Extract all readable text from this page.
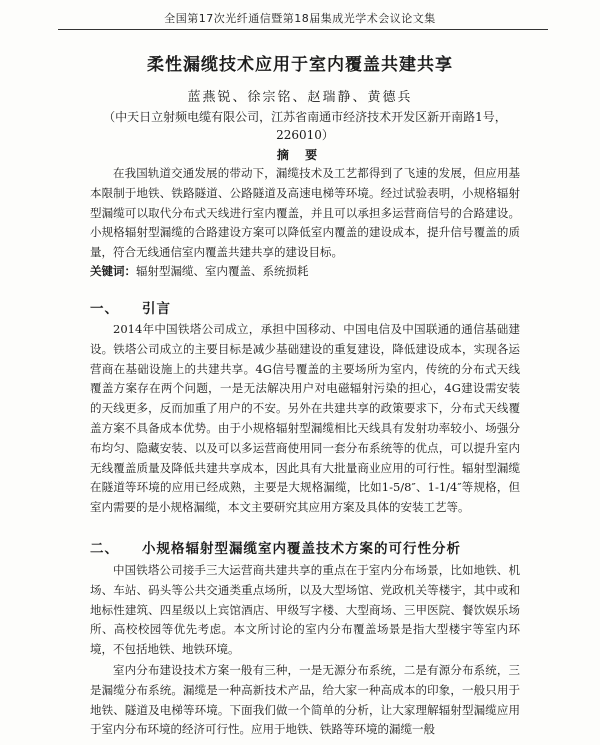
全国第17次光纤通信暨第18届集成光学术会议论文集
柔性漏缆技术应用于室内覆盖共建共享
蓝燕锐、徐宗铭、赵瑞静、黄德兵
（中天日立射频电缆有限公司，江苏省南通市经济技术开发区新开南路1号，226010）
摘 要

在我国轨道交通发展的带动下，漏缆技术及工艺都得到了飞速的发展，但应用基本限制于地铁、铁路隧道、公路隧道及高速电梯等环境。经过试验表明，小规格辐射型漏缆可以取代分布式天线进行室内覆盖，并且可以承担多运营商信号的合路建设。小规格辐射型漏缆的合路建设方案可以降低室内覆盖的建设成本，提升信号覆盖的质量，符合无线通信室内覆盖共建共享的建设目标。

关键词：辐射型漏缆、室内覆盖、系统损耗
一、 引言

2014年中国铁塔公司成立，承担中国移动、中国电信及中国联通的通信基础建设。铁塔公司成立的主要目标是减少基础建设的重复建设，降低建设成本，实现各运营商在基础设施上的共建共享。4G信号覆盖的主要场所为室内，传统的分布式天线覆盖方案存在两个问题，一是无法解决用户对电磁辐射污染的担心，4G建设需安装的天线更多，反而加重了用户的不安。另外在共建共享的政策要求下，分布式天线覆盖方案不具备成本优势。由于小规格辐射型漏缆相比天线具有发射功率较小、场强分布均匀、隐藏安装、以及可以多运营商使用同一套分布系统等的优点，可以提升室内无线覆盖质量及降低共建共享成本，因此具有大批量商业应用的可行性。辐射型漏缆在隧道等环境的应用已经成熟，主要是大规格漏缆，比如1-5/8″、1-1/4″等规格，但室内需要的是小规格漏缆，本文主要研究其应用方案及具体的安装工艺等。

二、 小规格辐射型漏缆室内覆盖技术方案的可行性分析

中国铁塔公司接手三大运营商共建共享的重点在于室内分布场景，比如地铁、机场、车站、码头等公共交通类重点场所，以及大型场馆、党政机关等楼宇，其中或和地标性建筑、四星级以上宾馆酒店、甲级写字楼、大型商场、三甲医院、餐饮娱乐场所、高校校园等优先考虑。本文所讨论的室内分布覆盖场景是指大型楼宇等室内环境，不包括地铁、地铁环境。

室内分布建设技术方案一般有三种，一是无源分布系统，二是有源分布系统，三是漏缆分布系统。漏缆是一种高新技术产品，给大家一种高成本的印象，一般只用于地铁、隧道及电梯等环境。下面我们做一个简单的分析，让大家理解辐射型漏缆应用于室内分布环境的经济可行性。应用于地铁、铁路等环境的漏缆一般
